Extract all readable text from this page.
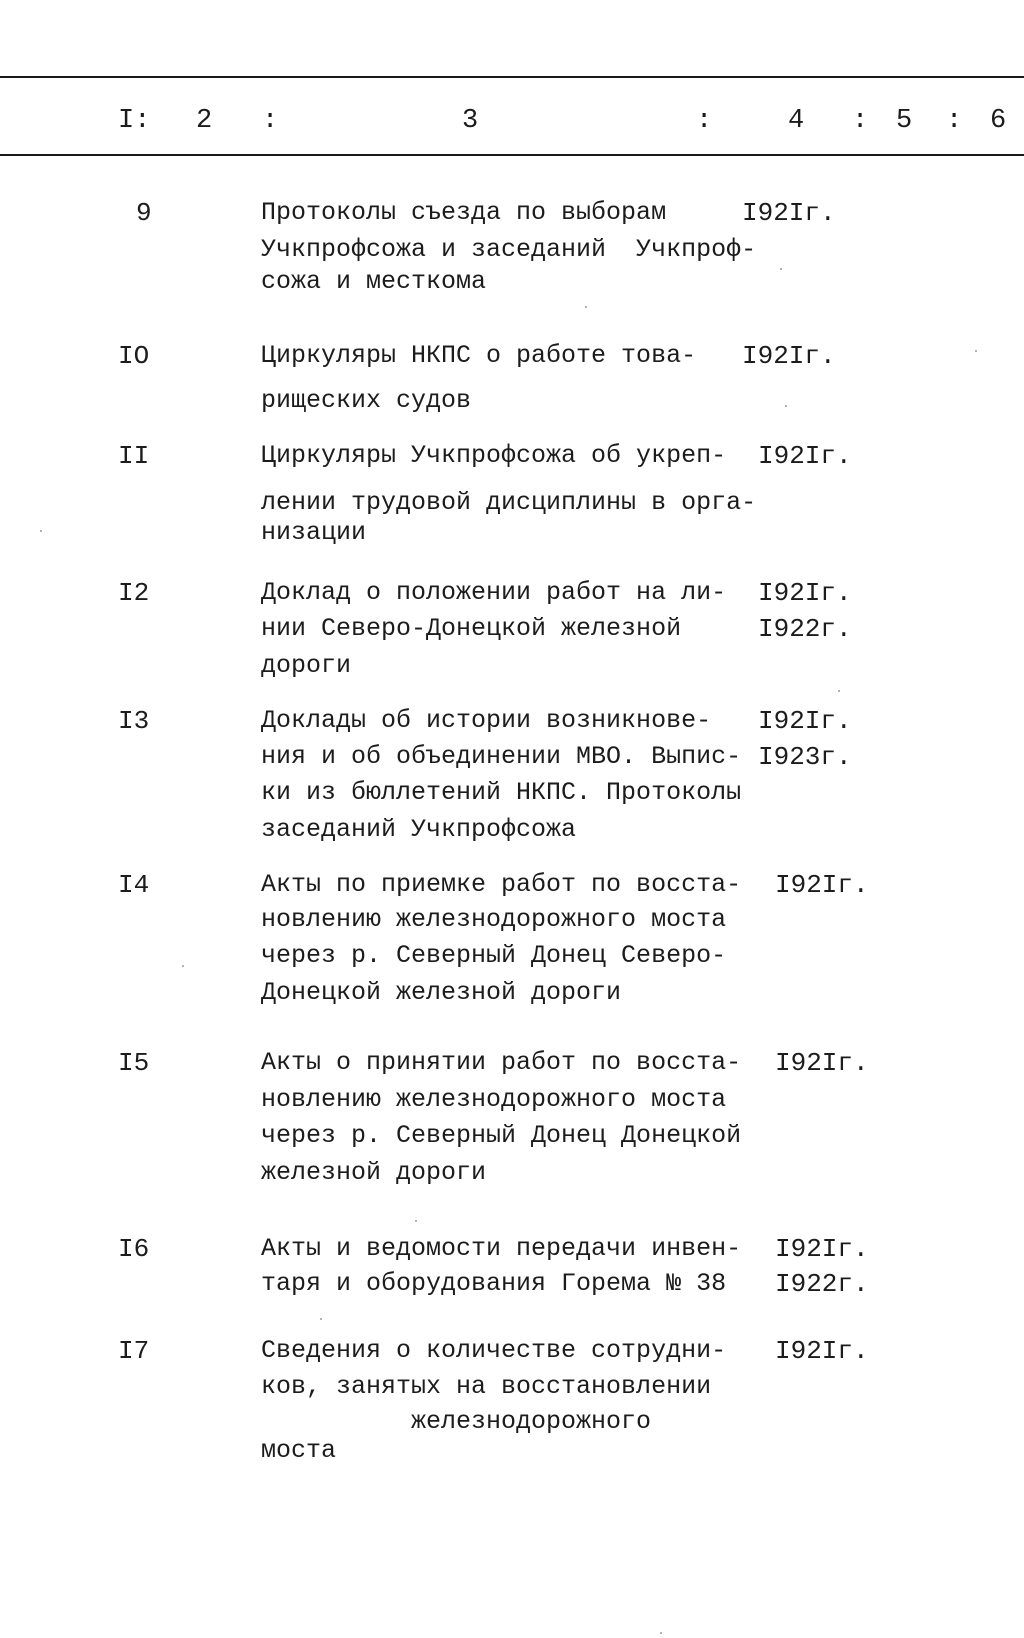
I: 2 :	3	:	4 : 5 : 6
9	Протоколы съезда по выборам
Учкпрофсожа и заседаний  Учкпроф-
сожа и месткома
I92Iг.
IO	Циркуляры НКПС о работе това-
рищеских судов
I92Iг.
II	Циркуляры Учкпрофсожа об укреп-
лении трудовой дисциплины в орга-
низации
I92Iг.
I2	Доклад о положении работ на ли-
нии Северо-Донецкой железной
дороги
I92Iг.
I922г.
I3	Доклады об истории возникнове-
ния и об объединении МВО. Выпис-
ки из бюллетений НКПС. Протоколы
заседаний Учкпрофсожа
I92Iг.
I923г.
I4	Акты по приемке работ по восста-
новлению железнодорожного моста
через р. Северный Донец Северо-
Донецкой железной дороги
I92Iг.
I5	Акты о принятии работ по восста-
новлению железнодорожного моста
через р. Северный Донец Донецкой
железной дороги
I92Iг.
I6	Акты и ведомости передачи инвен-
таря и оборудования Горема № 38
I92Iг.
I922г.
I7	Сведения о количестве сотрудни-
ков, занятых на восстановлении
железнодорожного
моста
I92Iг.
